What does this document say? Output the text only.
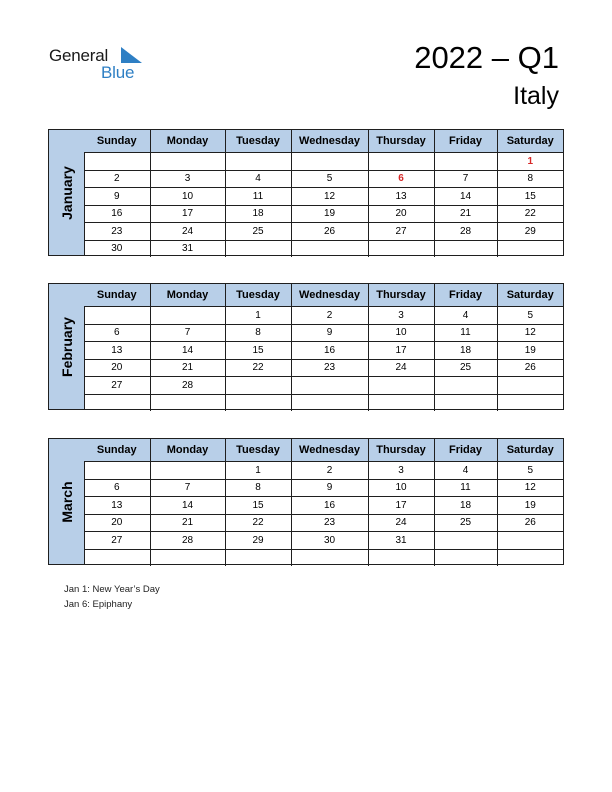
General
Blue	2022 – Q1
Italy
January
Sunday	Monday	Tuesday	Wednesday	Thursday	Friday	Saturday
						1
2	3	4	5	6	7	8
9	10	11	12	13	14	15
16	17	18	19	20	21	22
23	24	25	26	27	28	29
30	31					
February
Sunday	Monday	Tuesday	Wednesday	Thursday	Friday	Saturday
		1	2	3	4	5
6	7	8	9	10	11	12
13	14	15	16	17	18	19
20	21	22	23	24	25	26
27	28					

March
Sunday	Monday	Tuesday	Wednesday	Thursday	Friday	Saturday
		1	2	3	4	5
6	7	8	9	10	11	12
13	14	15	16	17	18	19
20	21	22	23	24	25	26
27	28	29	30	31		

Jan 1: New Year’s Day
Jan 6: Epiphany
